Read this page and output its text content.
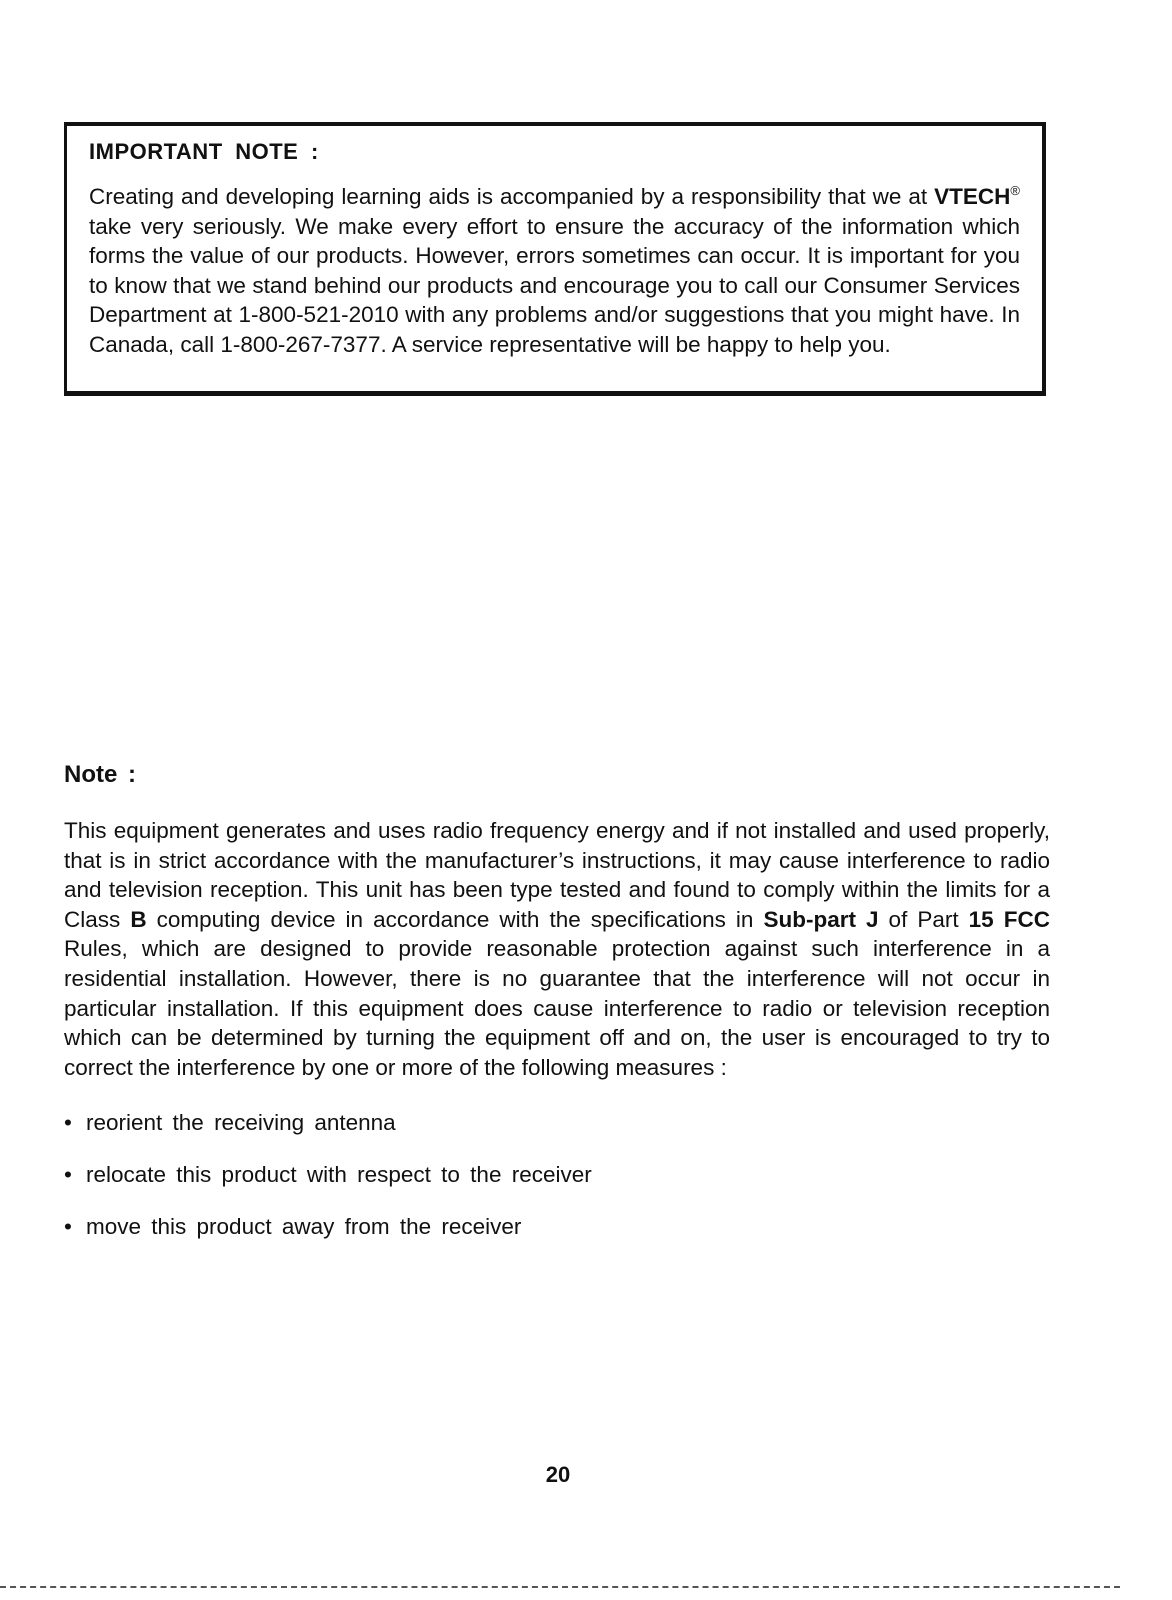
IMPORTANT NOTE :

Creating and developing learning aids is accompanied by a responsibility that we at VTECH® take very seriously. We make every effort to ensure the accuracy of the information which forms the value of our products. However, errors sometimes can occur. It is important for you to know that we stand behind our products and encourage you to call our Consumer Services Department at 1-800-521-2010 with any problems and/or suggestions that you might have. In Canada, call 1-800-267-7377. A service representative will be happy to help you.

Note :

This equipment generates and uses radio frequency energy and if not installed and used properly, that is in strict accordance with the manufacturer’s instructions, it may cause interference to radio and television reception. This unit has been type tested and found to comply within the limits for a Class B computing device in accordance with the specifications in Sub-part J of Part 15 FCC Rules, which are designed to provide reasonable protection against such interference in a residential installation. However, there is no guarantee that the interference will not occur in particular installation. If this equipment does cause interference to radio or television reception which can be determined by turning the equipment off and on, the user is encouraged to try to correct the interference by one or more of the following measures :

• reorient the receiving antenna
• relocate this product with respect to the receiver
• move this product away from the receiver
20
